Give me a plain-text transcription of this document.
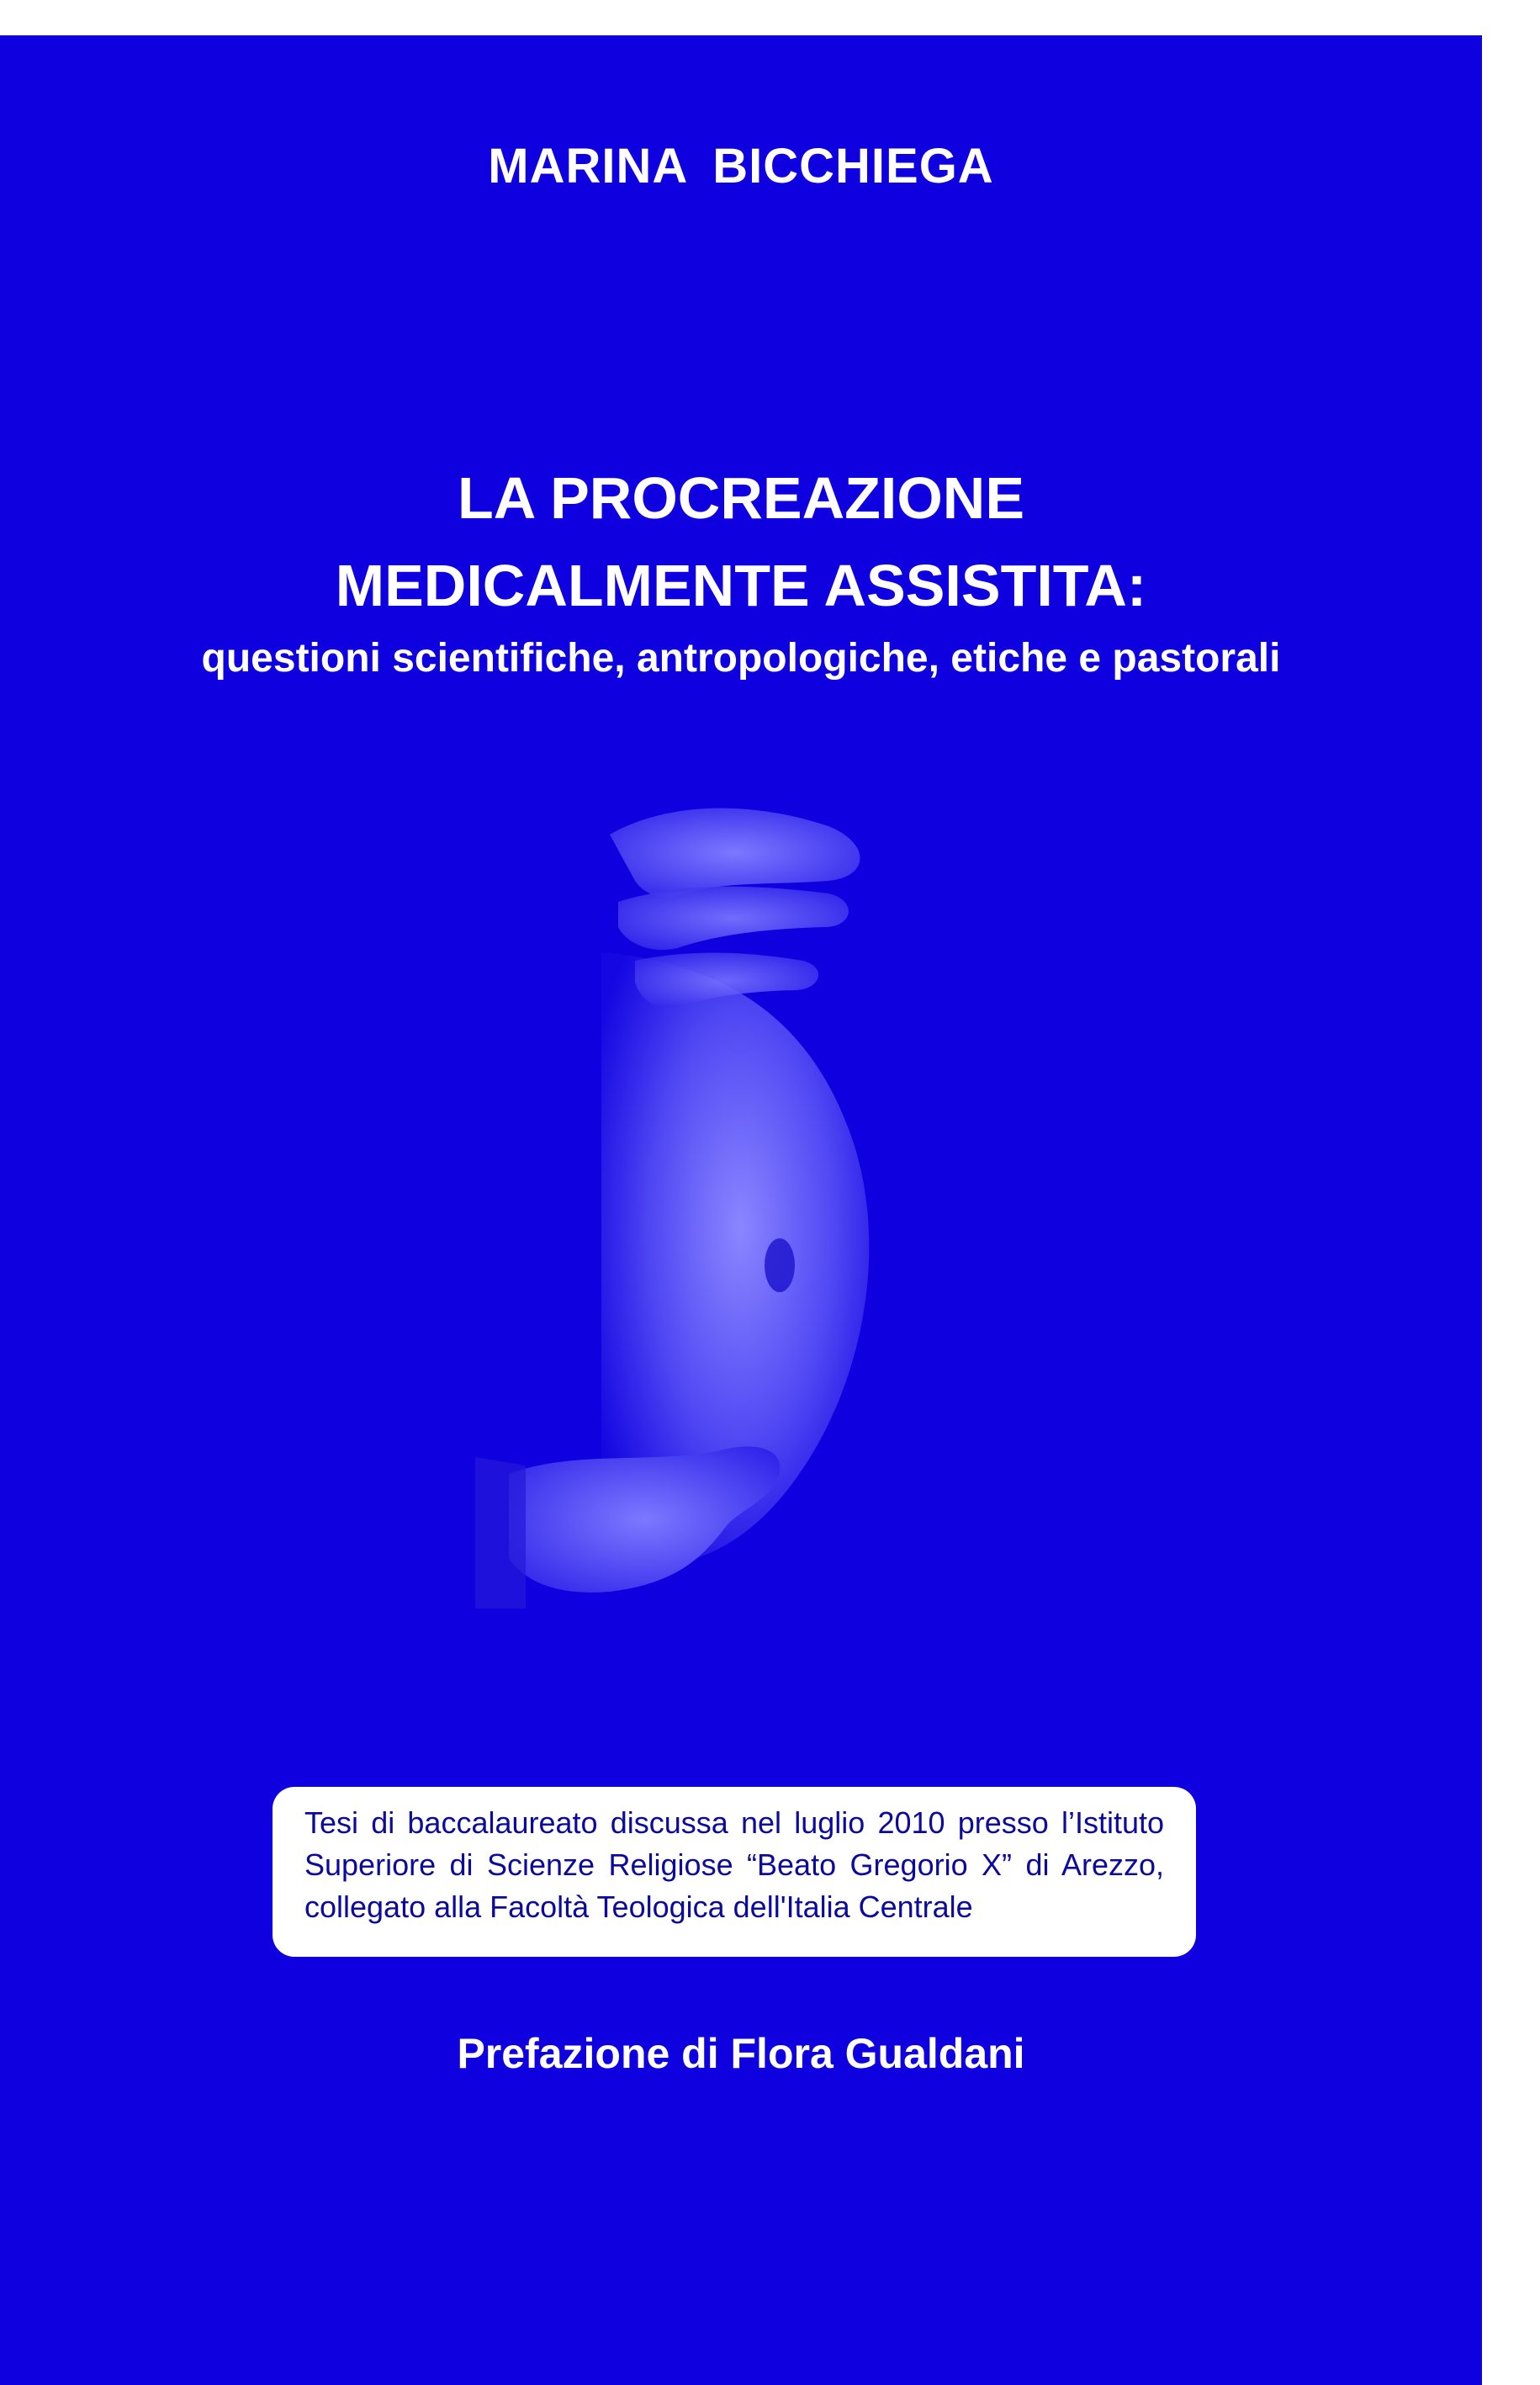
MARINA BICCHIEGA
LA PROCREAZIONE
MEDICALMENTE ASSISTITA:
questioni scientifiche, antropologiche, etiche e pastorali
Tesi di baccalaureato discussa nel luglio 2010 presso l’Istituto Superiore di Scienze Religiose “Beato Gregorio X” di Arezzo, collegato alla Facoltà Teologica dell'Italia Centrale
Prefazione di Flora Gualdani
